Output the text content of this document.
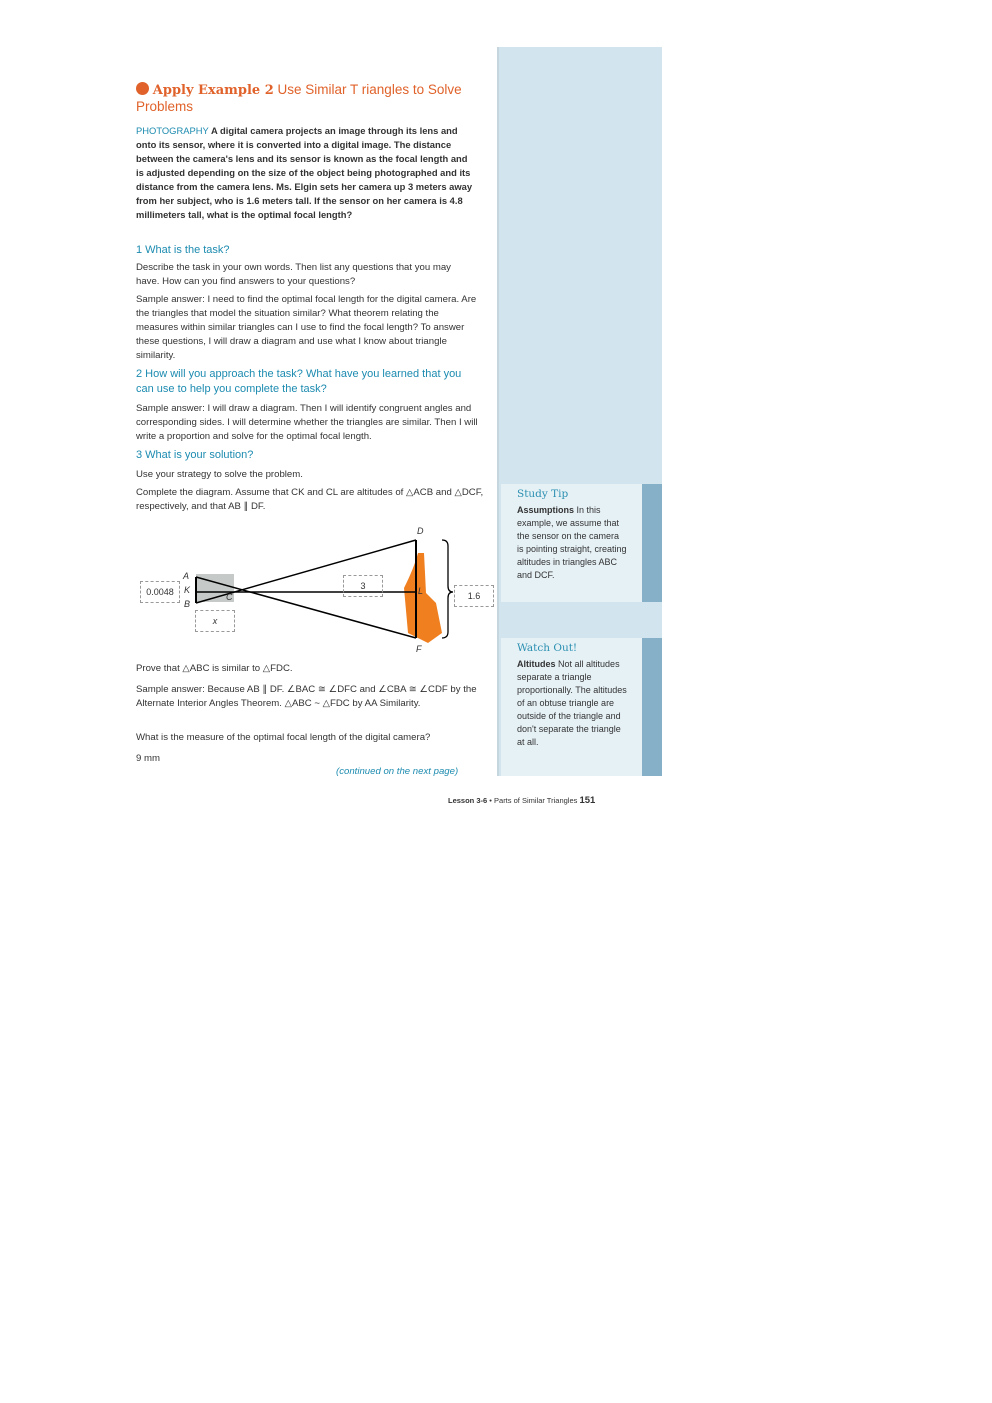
Apply Example 2 Use Similar T riangles to Solve Problems

PHOTOGRAPHY A digital camera projects an image through its lens and onto its sensor, where it is converted into a digital image. The distance between the camera's lens and its sensor is known as the focal length and is adjusted depending on the size of the object being photographed and its distance from the camera lens. Ms. Elgin sets her camera up 3 meters away from her subject, who is 1.6 meters tall. If the sensor on her camera is 4.8 millimeters tall, what is the optimal focal length?

1 What is the task?

Describe the task in your own words. Then list any questions that you may have. How can you find answers to your questions?

Sample answer: I need to find the optimal focal length for the digital camera. Are the triangles that model the situation similar? What theorem relating the measures within similar triangles can I use to find the focal length? To answer these questions, I will draw a diagram and use what I know about triangle similarity.

2 How will you approach the task? What have you learned that you can use to help you complete the task?

Sample answer: I will draw a diagram. Then I will identify congruent angles and corresponding sides. I will determine whether the triangles are similar. Then I will write a proportion and solve for the optimal focal length.

3 What is your solution?

Use your strategy to solve the problem.

Complete the diagram. Assume that CK and CL are altitudes of △ACB and △DCF, respectively, and that AB ∥ DF.

A
K
B
C
D
L
F
0.0048
x
3
1.6

Prove that △ABC is similar to △FDC.

Sample answer: Because AB ∥ DF. ∠BAC ≅ ∠DFC and ∠CBA ≅ ∠CDF by the Alternate Interior Angles Theorem. △ABC ~ △FDC by AA Similarity.

What is the measure of the optimal focal length of the digital camera?

9 mm

(continued on the next page)

Study Tip
Assumptions In this example, we assume that the sensor on the camera is pointing straight, creating altitudes in triangles ABC and DCF.
Watch Out!
Altitudes Not all altitudes separate a triangle proportionally. The altitudes of an obtuse triangle are outside of the triangle and don't separate the triangle at all.
Lesson 3-6 • Parts of Similar Triangles 151
